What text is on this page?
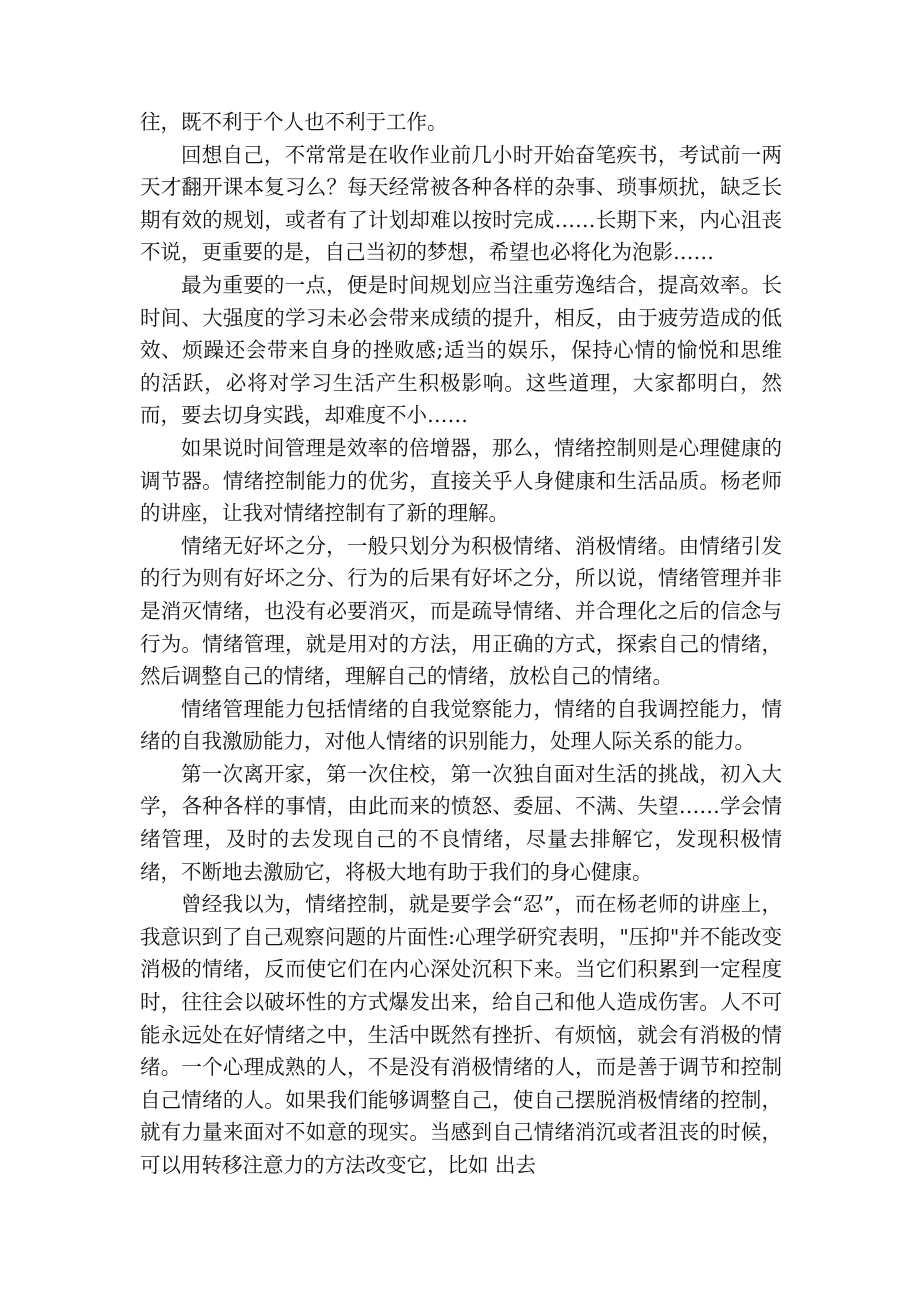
往，既不利于个人也不利于工作。

回想自己，不常常是在收作业前几小时开始奋笔疾书，考试前一两天才翻开课本复习么？每天经常被各种各样的杂事、琐事烦扰，缺乏长期有效的规划，或者有了计划却难以按时完成……长期下来，内心沮丧不说，更重要的是，自己当初的梦想，希望也必将化为泡影……

最为重要的一点，便是时间规划应当注重劳逸结合，提高效率。长时间、大强度的学习未必会带来成绩的提升，相反，由于疲劳造成的低效、烦躁还会带来自身的挫败感;适当的娱乐，保持心情的愉悦和思维的活跃，必将对学习生活产生积极影响。这些道理，大家都明白，然而，要去切身实践，却难度不小……

如果说时间管理是效率的倍增器，那么，情绪控制则是心理健康的调节器。情绪控制能力的优劣，直接关乎人身健康和生活品质。杨老师的讲座，让我对情绪控制有了新的理解。

情绪无好坏之分，一般只划分为积极情绪、消极情绪。由情绪引发的行为则有好坏之分、行为的后果有好坏之分，所以说，情绪管理并非是消灭情绪，也没有必要消灭，而是疏导情绪、并合理化之后的信念与行为。情绪管理，就是用对的方法，用正确的方式，探索自己的情绪，然后调整自己的情绪，理解自己的情绪，放松自己的情绪。

情绪管理能力包括情绪的自我觉察能力，情绪的自我调控能力，情绪的自我激励能力，对他人情绪的识别能力，处理人际关系的能力。

第一次离开家，第一次住校，第一次独自面对生活的挑战，初入大学，各种各样的事情，由此而来的愤怒、委屈、不满、失望……学会情绪管理，及时的去发现自己的不良情绪，尽量去排解它，发现积极情绪，不断地去激励它，将极大地有助于我们的身心健康。

曾经我以为，情绪控制，就是要学会“忍”，而在杨老师的讲座上，我意识到了自己观察问题的片面性:心理学研究表明，"压抑"并不能改变消极的情绪，反而使它们在内心深处沉积下来。当它们积累到一定程度时，往往会以破坏性的方式爆发出来，给自己和他人造成伤害。人不可能永远处在好情绪之中，生活中既然有挫折、有烦恼，就会有消极的情绪。一个心理成熟的人，不是没有消极情绪的人，而是善于调节和控制自己情绪的人。如果我们能够调整自己，使自己摆脱消极情绪的控制，就有力量来面对不如意的现实。当感到自己情绪消沉或者沮丧的时候，可以用转移注意力的方法改变它，比如 出去
